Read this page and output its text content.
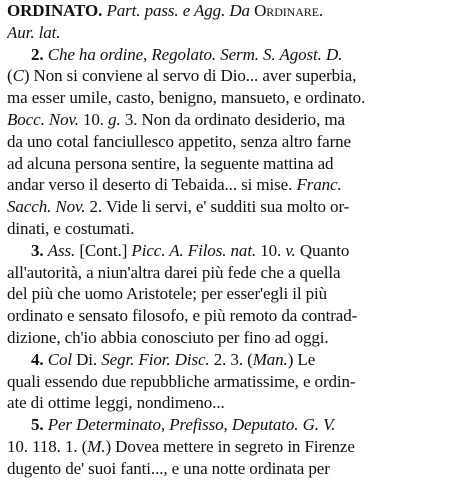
ORDINATO. Part. pass. e Agg. Da Ordinare.
Aur. lat.
2. Che ha ordine, Regolato. Serm. S. Agost. D.
(C) Non si conviene al servo di Dio... aver superbia,
ma esser umile, casto, benigno, mansueto, e ordinato.
Bocc. Nov. 10. g. 3. Non da ordinato desiderio, ma
da uno cotal fanciullesco appetito, senza altro farne
ad alcuna persona sentire, la seguente mattina ad
andar verso il deserto di Tebaida... si mise. Franc.
Sacch. Nov. 2. Vide li servi, e' sudditi sua molto or-
dinati, e costumati.
3. Ass. [Cont.] Picc. A. Filos. nat. 10. v. Quanto
all'autorità, a niun'altra darei più fede che a quella
del più che uomo Aristotele; per esser'egli il più
ordinato e sensato filosofo, e più remoto da contrad-
dizione, ch'io abbia conosciuto per fino ad oggi.
4. Col Di. Segr. Fior. Disc. 2. 3. (Man.) Le
quali essendo due repubbliche armatissime, e ordin-
ate di ottime leggi, nondimeno...
5. Per Determinato, Prefisso, Deputato. G. V.
10. 118. 1. (M.) Dovea mettere in segreto in Firenze
dugento de' suoi fanti..., e una notte ordinata per
